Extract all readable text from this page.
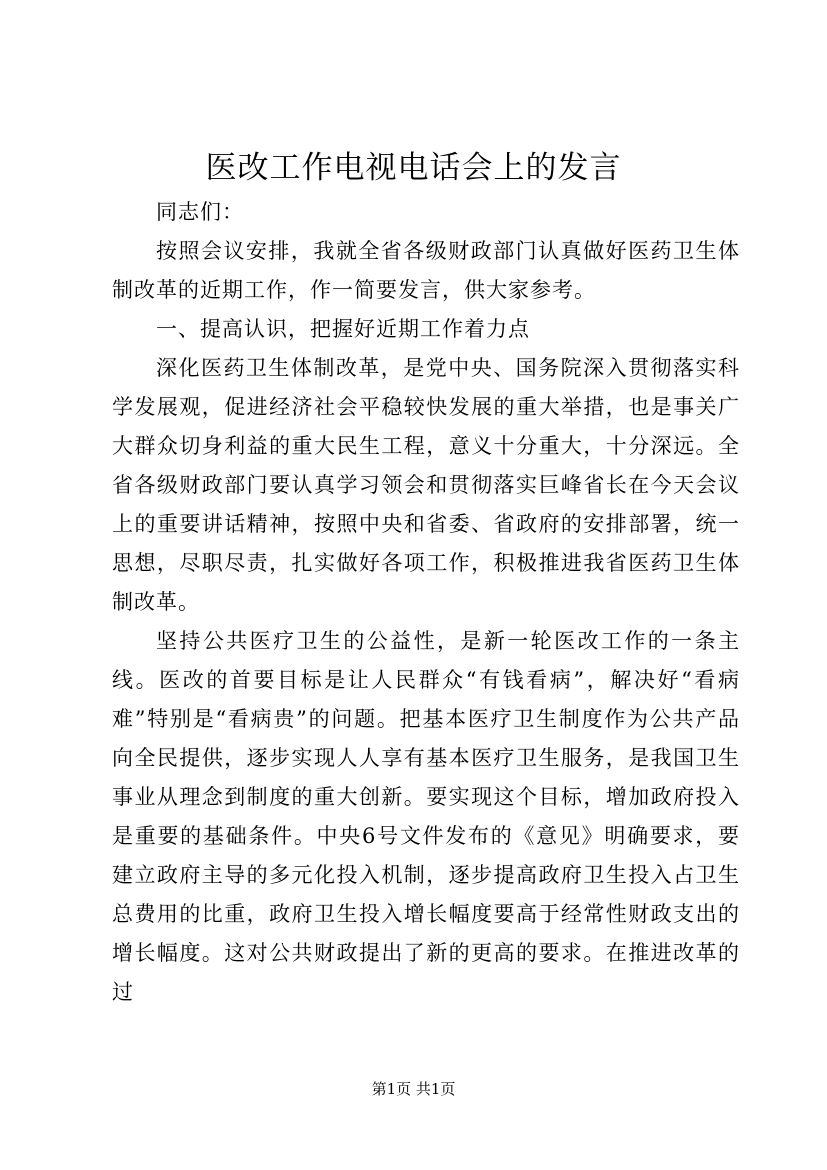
医改工作电视电话会上的发言

同志们：

按照会议安排，我就全省各级财政部门认真做好医药卫生体制改革的近期工作，作一简要发言，供大家参考。

一、提高认识，把握好近期工作着力点

深化医药卫生体制改革，是党中央、国务院深入贯彻落实科学发展观，促进经济社会平稳较快发展的重大举措，也是事关广大群众切身利益的重大民生工程，意义十分重大，十分深远。全省各级财政部门要认真学习领会和贯彻落实巨峰省长在今天会议上的重要讲话精神，按照中央和省委、省政府的安排部署，统一思想，尽职尽责，扎实做好各项工作，积极推进我省医药卫生体制改革。

坚持公共医疗卫生的公益性，是新一轮医改工作的一条主线。医改的首要目标是让人民群众“有钱看病”，解决好“看病难”特别是“看病贵”的问题。把基本医疗卫生制度作为公共产品向全民提供，逐步实现人人享有基本医疗卫生服务，是我国卫生事业从理念到制度的重大创新。要实现这个目标，增加政府投入是重要的基础条件。中央6号文件发布的《意见》明确要求，要建立政府主导的多元化投入机制，逐步提高政府卫生投入占卫生总费用的比重，政府卫生投入增长幅度要高于经常性财政支出的增长幅度。这对公共财政提出了新的更高的要求。在推进改革的过

第1页 共1页
